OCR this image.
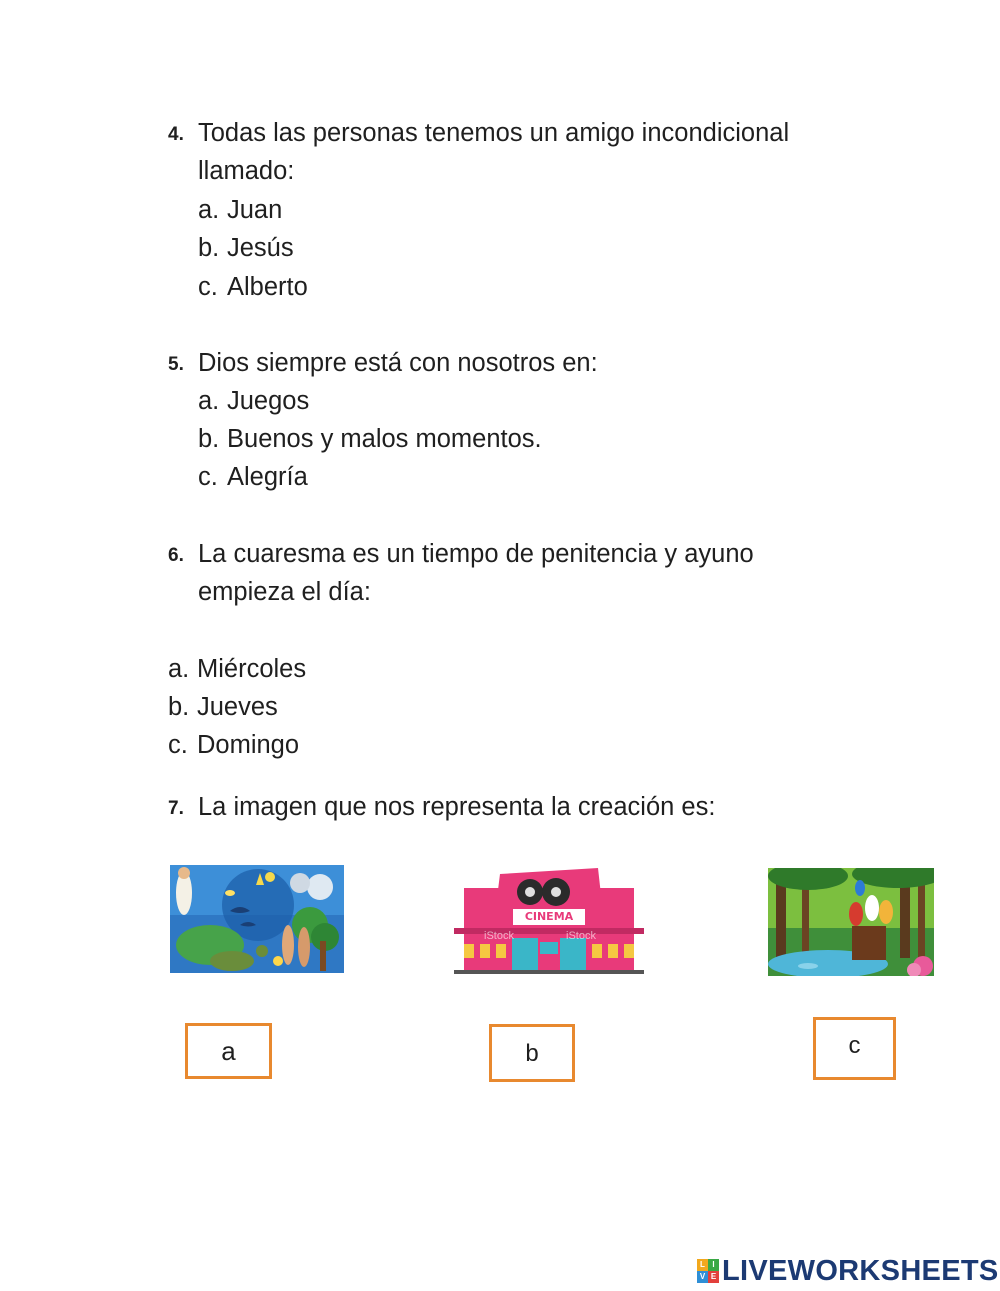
4. Todas las personas tenemos un amigo incondicional
llamado:
a. Juan
b. Jesús
c. Alberto
5. Dios siempre está con nosotros en:
a. Juegos
b. Buenos y malos momentos.
c. Alegría
6. La cuaresma es un tiempo de penitencia y ayuno
empieza el día:
a. Miércoles
b. Jueves
c. Domingo
7. La imagen que nos representa la creación es:
CINEMA
iStock	iStock
a	b	c
L I
V E LIVEWORKSHEETS
